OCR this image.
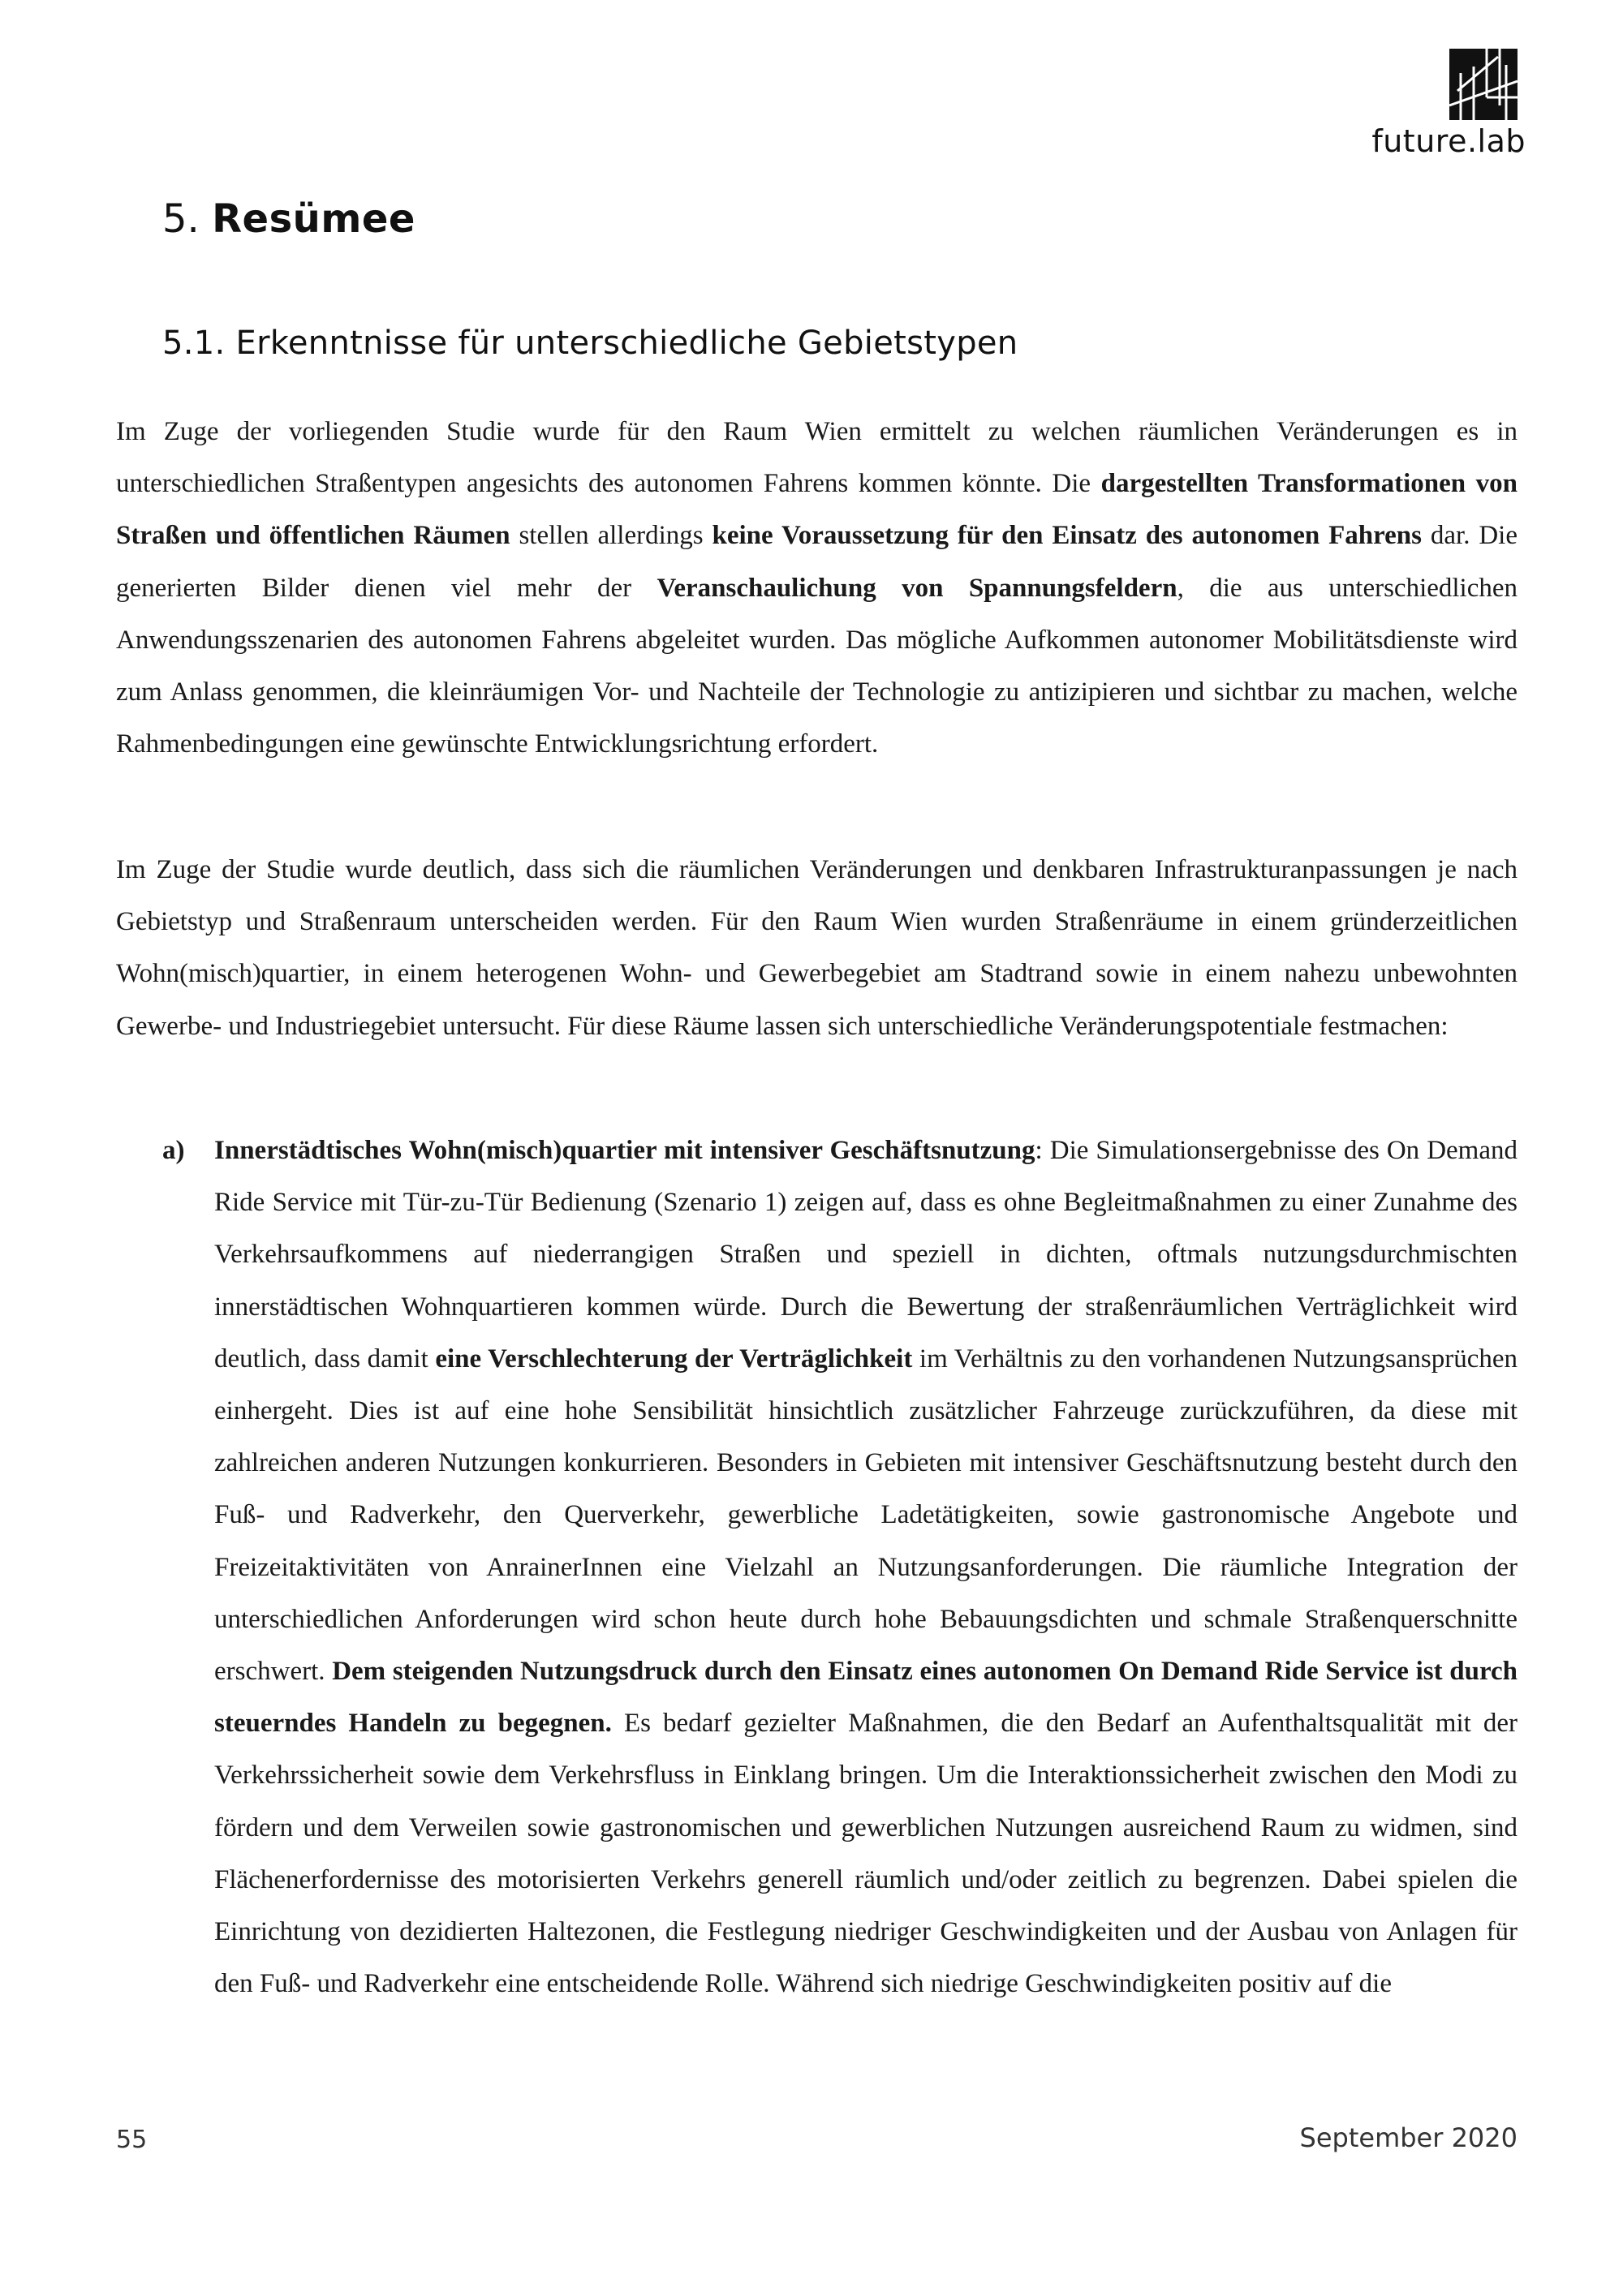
future.lab
5. Resümee
5.1. Erkenntnisse für unterschiedliche Gebietstypen

Im Zuge der vorliegenden Studie wurde für den Raum Wien ermittelt zu welchen räumlichen Veränderungen es in unterschiedlichen Straßentypen angesichts des autonomen Fahrens kommen könnte. Die dargestellten Transformationen von Straßen und öffentlichen Räumen stellen allerdings keine Voraussetzung für den Einsatz des autonomen Fahrens dar. Die generierten Bilder dienen viel mehr der Veranschaulichung von Spannungsfeldern, die aus unterschiedlichen Anwendungsszenarien des autonomen Fahrens abgeleitet wurden. Das mögliche Aufkommen autonomer Mobilitätsdienste wird zum Anlass genommen, die kleinräumigen Vor- und Nachteile der Technologie zu antizipieren und sichtbar zu machen, welche Rahmenbedingungen eine gewünschte Entwicklungsrichtung erfordert.

Im Zuge der Studie wurde deutlich, dass sich die räumlichen Veränderungen und denkbaren Infrastrukturanpassungen je nach Gebietstyp und Straßenraum unterscheiden werden. Für den Raum Wien wurden Straßenräume in einem gründerzeitlichen Wohn(misch)quartier, in einem heterogenen Wohn- und Gewerbegebiet am Stadtrand sowie in einem nahezu unbewohnten Gewerbe- und Industriegebiet untersucht. Für diese Räume lassen sich unterschiedliche Veränderungspotentiale festmachen:

a) Innerstädtisches Wohn(misch)quartier mit intensiver Geschäftsnutzung: Die Simulationsergebnisse des On Demand Ride Service mit Tür-zu-Tür Bedienung (Szenario 1) zeigen auf, dass es ohne Begleitmaßnahmen zu einer Zunahme des Verkehrsaufkommens auf niederrangigen Straßen und speziell in dichten, oftmals nutzungsdurchmischten innerstädtischen Wohnquartieren kommen würde. Durch die Bewertung der straßenräumlichen Verträglichkeit wird deutlich, dass damit eine Verschlechterung der Verträglichkeit im Verhältnis zu den vorhandenen Nutzungsansprüchen einhergeht. Dies ist auf eine hohe Sensibilität hinsichtlich zusätzlicher Fahrzeuge zurückzuführen, da diese mit zahlreichen anderen Nutzungen konkurrieren. Besonders in Gebieten mit intensiver Geschäftsnutzung besteht durch den Fuß- und Radverkehr, den Querverkehr, gewerbliche Ladetätigkeiten, sowie gastronomische Angebote und Freizeitaktivitäten von AnrainerInnen eine Vielzahl an Nutzungsanforderungen. Die räumliche Integration der unterschiedlichen Anforderungen wird schon heute durch hohe Bebauungsdichten und schmale Straßenquerschnitte erschwert. Dem steigenden Nutzungsdruck durch den Einsatz eines autonomen On Demand Ride Service ist durch steuerndes Handeln zu begegnen. Es bedarf gezielter Maßnahmen, die den Bedarf an Aufenthaltsqualität mit der Verkehrssicherheit sowie dem Verkehrsfluss in Einklang bringen. Um die Interaktionssicherheit zwischen den Modi zu fördern und dem Verweilen sowie gastronomischen und gewerblichen Nutzungen ausreichend Raum zu widmen, sind Flächenerfordernisse des motorisierten Verkehrs generell räumlich und/oder zeitlich zu begrenzen. Dabei spielen die Einrichtung von dezidierten Haltezonen, die Festlegung niedriger Geschwindigkeiten und der Ausbau von Anlagen für den Fuß- und Radverkehr eine entscheidende Rolle. Während sich niedrige Geschwindigkeiten positiv auf die

55	September 2020
